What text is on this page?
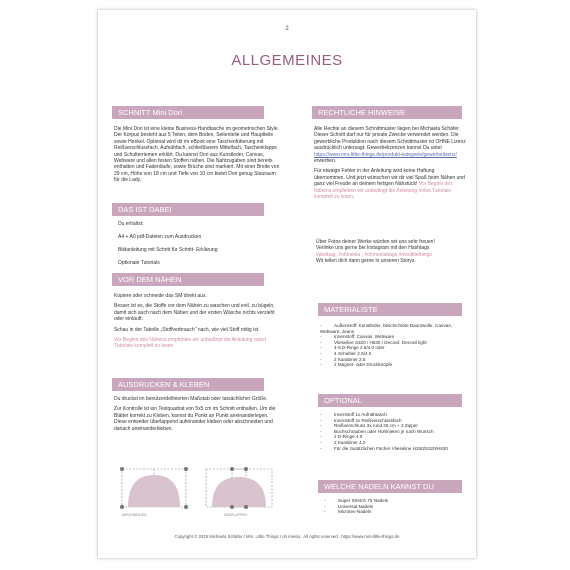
2
ALLGEMEINES
SCHNITT Mini Dori
Die Mini Dori ist eine kleine Business-Handtasche im geometrischen Style. Der Korpus besteht aus 5 Teilen, dem Boden, Seitenteile und Hauptteile sowie Henkel. Optional wird dir im eBook eine Taschenfütterung mit Reißverschlussfach, Aufnähfach, schließbarem Mittelfach, Taschenklappe und Schulterriemen erklärt. Du kannst Dori aus Kunstleder, Canvas, Webware und allen festen Stoffen nähen. Die Nahtzugaben sind bereits enthalten und Fadenläufe, sowie Brüche sind markiert. Mit einer Breite von 29 cm, Höhe von 18 cm und Tiefe von 10 cm bietet Dori genug Stauraum für die Lady.
DAS IST DABEI
Du erhältst:
A4 + A0 pdf-Dateien zum Ausdrucken
Bildanleitung mit Schritt für Schritt- Erklärung
Optionale Tutorials
VOR DEM NÄHEN

Kopiere oder schneide das SM direkt aus.

Besser ist es, die Stoffe vor dem Nähen zu waschen und evtl. zu bügeln, damit sich auch nach dem Nähen und der ersten Wäsche nichts verzieht oder einläuft.

Schau in der Tabelle „Stoffverbrauch" nach, wie viel Stoff nötig ist.

Vor Beginn des Nähens empfehlen wir unbedingt die Anleitung nebst Tutorials komplett zu lesen.

AUSDRUCKEN & KLEBEN

Du druckst im benutzerdefinierten Maßstab oder tatsächlicher Größe.

Zur Kontrolle ist ein Testquadrat von 5x5 cm im Schnitt enthalten. Um die Blätter korrekt zu Kleben, kannst du Punkt an Punkt aneinanderlegen. Diese entweder überlappend aufeinander kleben oder abschneiden und danach aneinanderkleben.

ABSCHNEIDEN	ÜBERLAPPEN
RECHTLICHE HINWEISE

Alle Rechte an diesem Schnittmuster liegen bei Michaela Schäfer. Dieser Schnitt darf nur für private Zwecke verwendet werden. Die gewerbliche Produktion nach diesem Schnittmuster ist OHNE Lizenz ausdrücklich untersagt. Gewerbelizenzen kannst Du unter https://www.mrs-little-things.de/produkt-kategorie/gewerbelizenz/ erwerben.

Für etwaige Fehler in der Anleitung wird keine Haftung übernommen. Und jetzt wünschen wir dir viel Spaß beim Nähen und ganz viel Freude an deinem fertigen Nähstück! Vor Beginn des Nähens empfehlen wir unbedingt die Anleitung nebst Tutorials komplett zu lesen.

Über Fotos deiner Werke würden wir uns sehr freuen!
Verlinke uns gerne bei Instagram mit den Hashtags
#doribag, #ohmeela , #ohmeelabags #mrslittlethings
Wir teilen dich dann gerne in unseren Storys.
MATERIALISTE
- Außenstoff: Kunstleder, beschichtete Baumwolle, Canvas, Webware, Jeans
- Innenstoff: Canvas, Webware
- Vlieseline S320 / H630 / Decovil, Decovil light
- 4-6 D-Ringe 2.5/4.0 oder
- 4 Schieber 2.5/4.0
- 2 Karabiner 2.5
- 2 Magnet- oder Druckknöpfe
OPTIONAL
- Innenstoff 1x Aufnähtasch
- Innenstoff 2x Reißverschlussfach
- Reißverschluss 3x rund 25 cm + 3 Zipper
- Buchschrauben oder Hohlnieten je nach Wunsch
- 2 D-Ringe 4.0
- 2 Karabiner 4.0
- Für die zusätzlichen Fächer Vlieseline H250/S320/H630
WELCHE NADELN KANNST DU
- Super Stretch 75 Nadeln
- Universal-Nadeln
- Microtex-Nadeln
Copyright © 2019 Michaela Schäfer / Mrs. Little Things / oh meela . All rights reserved . https://www.mrs-little-things.de
